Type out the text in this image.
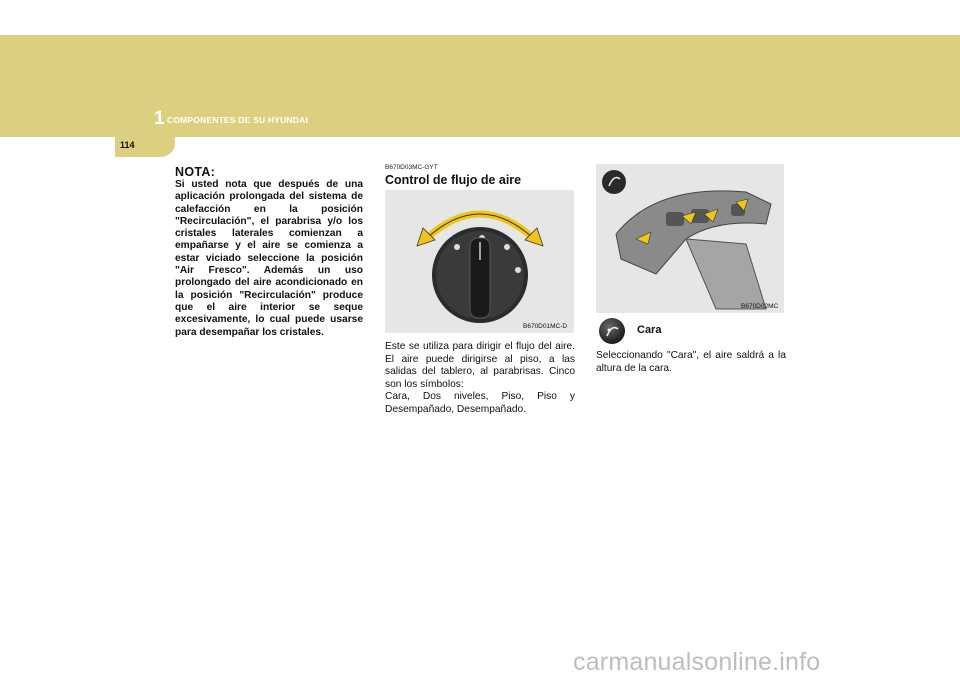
1 COMPONENTES DE SU HYUNDAI
114
NOTA:
Si usted nota que después de una aplicación prolongada del sistema de calefacción en la posición "Recirculación", el parabrisa y/o los cristales laterales comienzan a empañarse y el aire se comienza a estar viciado seleccione la posición "Air Fresco". Además un uso prolongado del aire acondicionado en la posición "Recirculación" produce que el aire interior se seque excesivamente, lo cual puede usarse para desempañar los cristales.
B670D03MC-GYT
Control de flujo de aire
B670D01MC-D
Este se utiliza para dirigir el flujo del aire. El aire puede dirigirse al piso, a las salidas del tablero, al parabrisas. Cinco son los símbolos:
Cara, Dos niveles, Piso, Piso y Desempañado, Desempañado.
B670D02MC
Cara
Seleccionando "Cara", el aire saldrá a la altura de la cara.
carmanualsonline.info
